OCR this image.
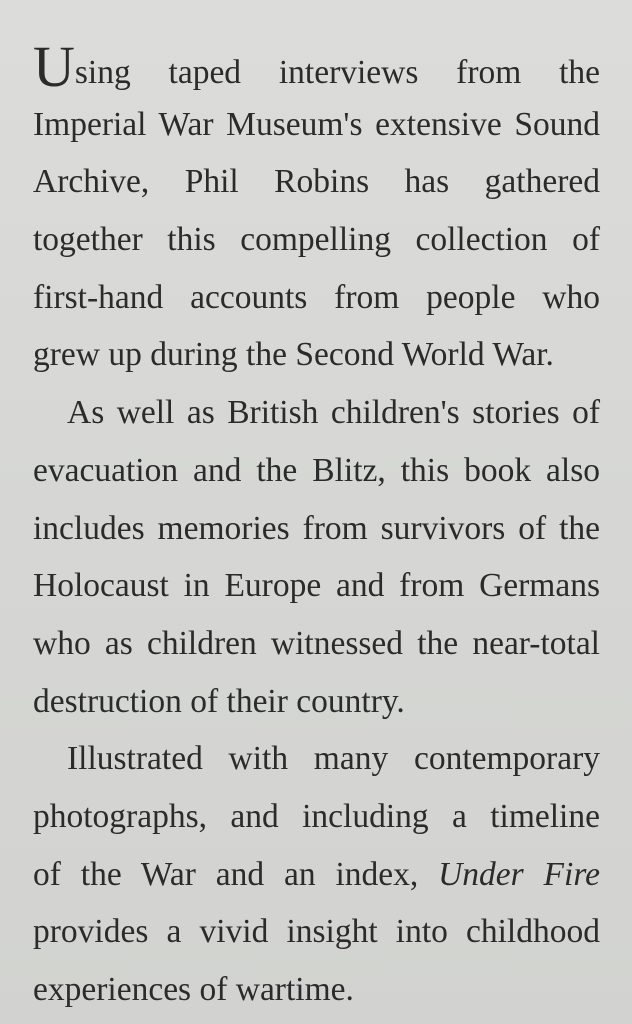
Using taped interviews from the
Imperial War Museum's extensive Sound
Archive, Phil Robins has gathered
together this compelling collection of
first-hand accounts from people who
grew up during the Second World War.
As well as British children's stories of
evacuation and the Blitz, this book also
includes memories from survivors of the
Holocaust in Europe and from Germans
who as children witnessed the near-total
destruction of their country.
Illustrated with many contemporary
photographs, and including a timeline
of the War and an index, Under Fire
provides a vivid insight into childhood
experiences of wartime.
